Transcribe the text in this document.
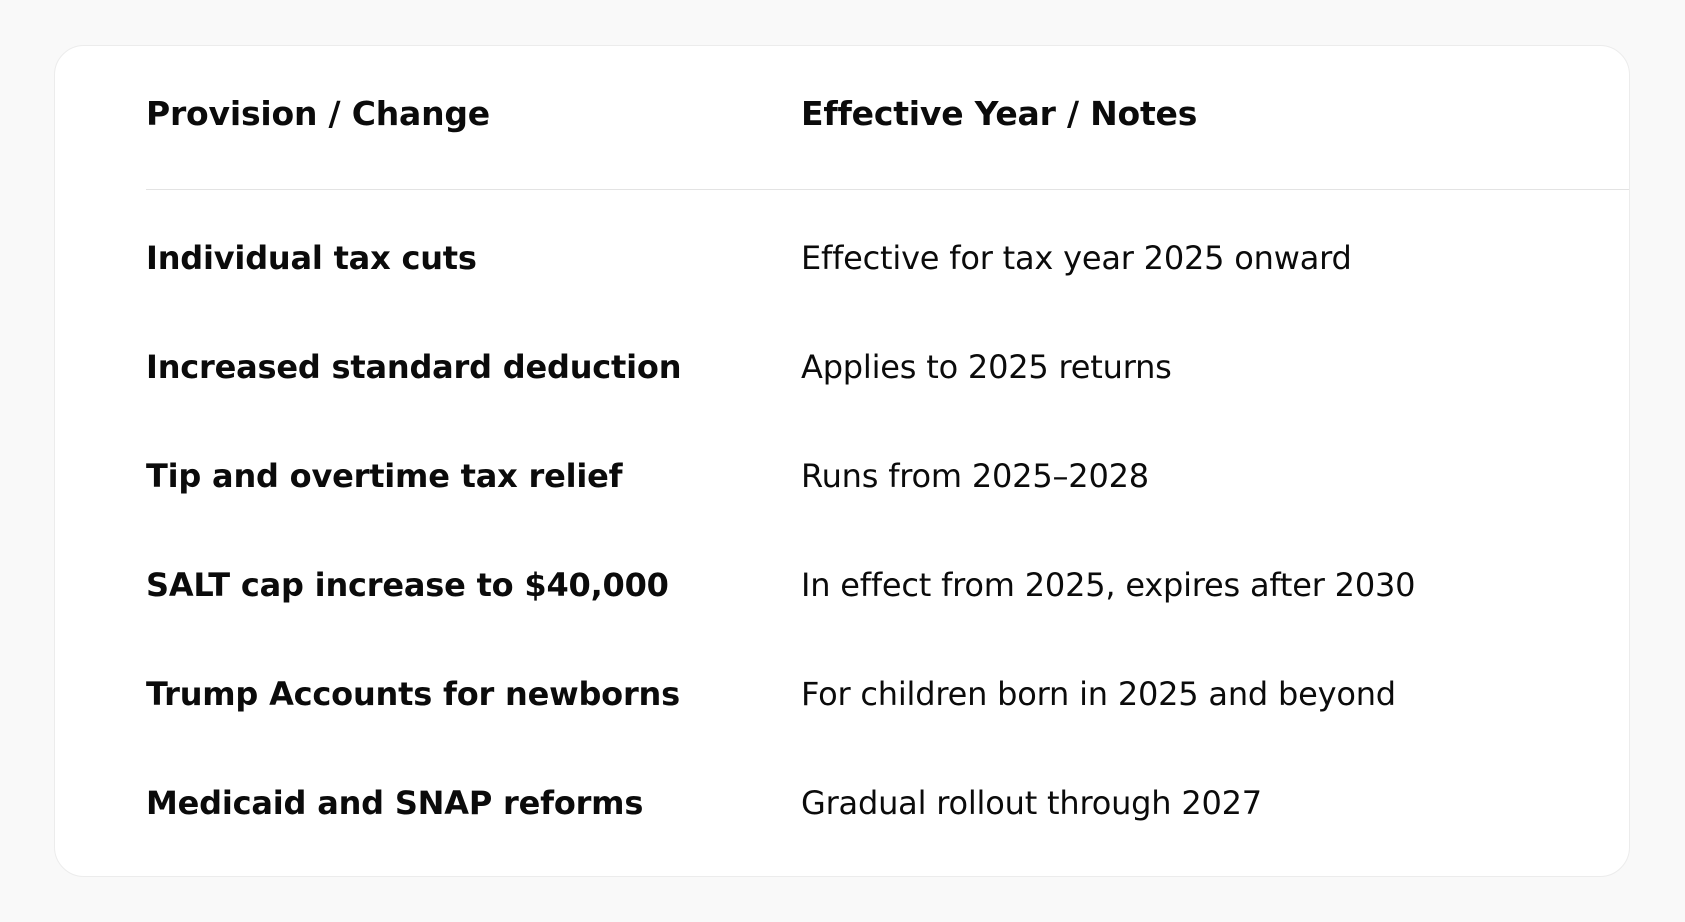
Provision / Change	Effective Year / Notes
Individual tax cuts	Effective for tax year 2025 onward
Increased standard deduction	Applies to 2025 returns
Tip and overtime tax relief	Runs from 2025–2028
SALT cap increase to $40,000	In effect from 2025, expires after 2030
Trump Accounts for newborns	For children born in 2025 and beyond
Medicaid and SNAP reforms	Gradual rollout through 2027
